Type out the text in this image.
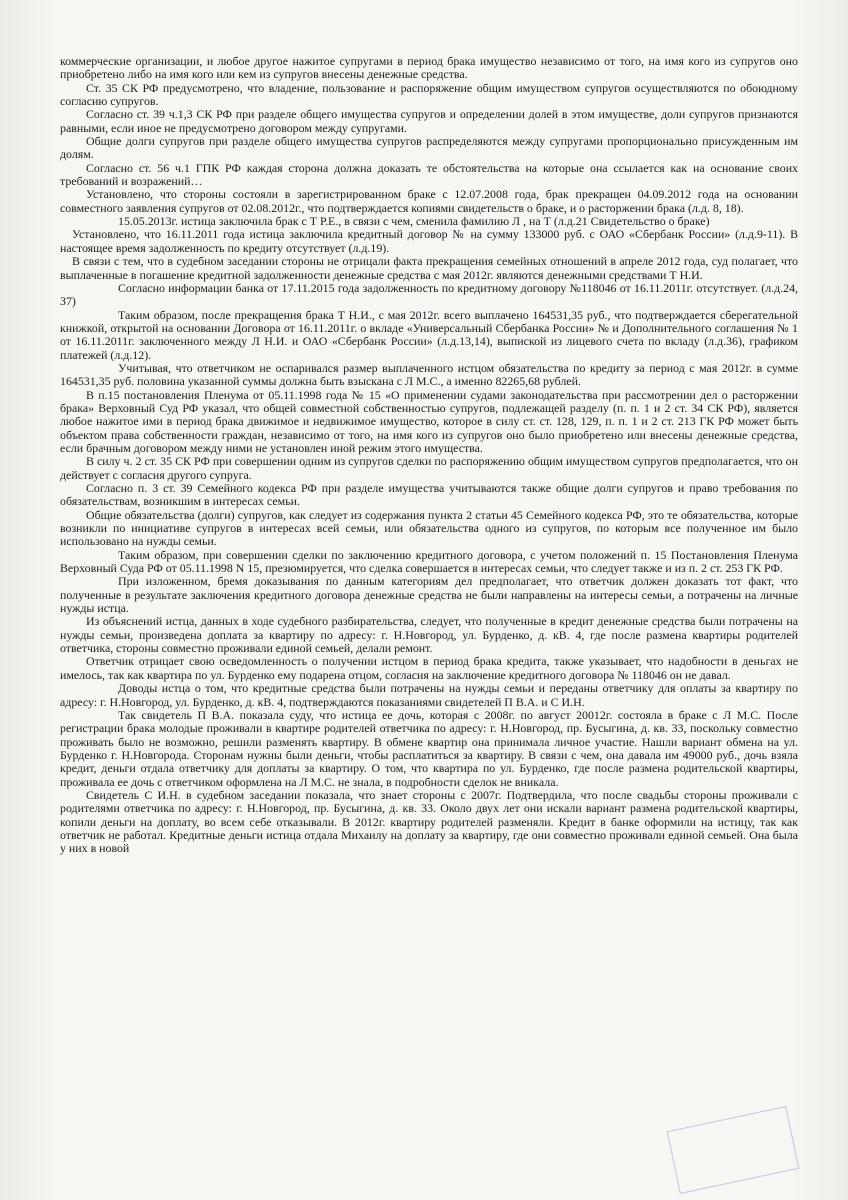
коммерческие организации, и любое другое нажитое супругами в период брака имущество независимо от того, на имя кого из супругов оно приобретено либо на имя кого или кем из супругов внесены денежные средства.

Ст. 35 СК РФ предусмотрено, что владение, пользование и распоряжение общим имуществом супругов осуществляются по обоюдному согласию супругов.

Согласно ст. 39 ч.1,3 СК РФ при разделе общего имущества супругов и определении долей в этом имуществе, доли супругов признаются равными, если иное не предусмотрено договором между супругами.

Общие долги супругов при разделе общего имущества супругов распределяются между супругами пропорционально присужденным им долям.

Согласно ст. 56 ч.1 ГПК РФ каждая сторона должна доказать те обстоятельства на которые она ссылается как на основание своих требований и возражений…

Установлено, что стороны состояли в зарегистрированном браке с 12.07.2008 года, брак прекращен 04.09.2012 года на основании совместного заявления супругов от 02.08.2012г., что подтверждается копиями свидетельств о браке, и о расторжении брака (л.д. 8, 18).

15.05.2013г. истица заключила брак с Т Р.Е., в связи с чем, сменила фамилию Л , на Т (л.д.21 Свидетельство о браке)

Установлено, что 16.11.2011 года истица заключила кредитный договор № на сумму 133000 руб. с ОАО «Сбербанк России» (л.д.9-11). В настоящее время задолженность по кредиту отсутствует (л.д.19).

В связи с тем, что в судебном заседании стороны не отрицали факта прекращения семейных отношений в апреле 2012 года, суд полагает, что выплаченные в погашение кредитной задолженности денежные средства с мая 2012г. являются денежными средствами Т Н.И.

Согласно информации банка от 17.11.2015 года задолженность по кредитному договору №118046 от 16.11.2011г. отсутствует. (л.д.24, 37)

Таким образом, после прекращения брака Т Н.И., с мая 2012г. всего выплачено 164531,35 руб., что подтверждается сберегательной книжкой, открытой на основании Договора от 16.11.2011г. о вкладе «Универсальный Сбербанка России» № и Дополнительного соглашения № 1 от 16.11.2011г. заключенного между Л Н.И. и ОАО «Сбербанк России» (л.д.13,14), выпиской из лицевого счета по вкладу (л.д.36), графиком платежей (л.д.12).

Учитывая, что ответчиком не оспаривался размер выплаченного истцом обязательства по кредиту за период с мая 2012г. в сумме 164531,35 руб. половина указанной суммы должна быть взыскана с Л М.С., а именно 82265,68 рублей.

В п.15 постановления Пленума от 05.11.1998 года № 15 «О применении судами законодательства при рассмотрении дел о расторжении брака» Верховный Суд РФ указал, что общей совместной собственностью супругов, подлежащей разделу (п. п. 1 и 2 ст. 34 СК РФ), является любое нажитое ими в период брака движимое и недвижимое имущество, которое в силу ст. ст. 128, 129, п. п. 1 и 2 ст. 213 ГК РФ может быть объектом права собственности граждан, независимо от того, на имя кого из супругов оно было приобретено или внесены денежные средства, если брачным договором между ними не установлен иной режим этого имущества.

В силу ч. 2 ст. 35 СК РФ при совершении одним из супругов сделки по распоряжению общим имуществом супругов предполагается, что он действует с согласия другого супруга.

Согласно п. 3 ст. 39 Семейного кодекса РФ при разделе имущества учитываются также общие долги супругов и право требования по обязательствам, возникшим в интересах семьи.

Общие обязательства (долги) супругов, как следует из содержания пункта 2 статьи 45 Семейного кодекса РФ, это те обязательства, которые возникли по инициативе супругов в интересах всей семьи, или обязательства одного из супругов, по которым все полученное им было использовано на нужды семьи.

Таким образом, при совершении сделки по заключению кредитного договора, с учетом положений п. 15 Постановления Пленума Верховный Суда РФ от 05.11.1998 N 15, презюмируется, что сделка совершается в интересах семьи, что следует также и из п. 2 ст. 253 ГК РФ.

При изложенном, бремя доказывания по данным категориям дел предполагает, что ответчик должен доказать тот факт, что полученные в результате заключения кредитного договора денежные средства не были направлены на интересы семьи, а потрачены на личные нужды истца.

Из объяснений истца, данных в ходе судебного разбирательства, следует, что полученные в кредит денежные средства были потрачены на нужды семьи, произведена доплата за квартиру по адресу: г. Н.Новгород, ул. Бурденко, д. кВ. 4, где после размена квартиры родителей ответчика, стороны совместно проживали единой семьей, делали ремонт.

Ответчик отрицает свою осведомленность о получении истцом в период брака кредита, также указывает, что надобности в деньгах не имелось, так как квартира по ул. Бурденко ему подарена отцом, согласия на заключение кредитного договора № 118046 он не давал.

Доводы истца о том, что кредитные средства были потрачены на нужды семьи и переданы ответчику для оплаты за квартиру по адресу: г. Н.Новгород, ул. Бурденко, д. кВ. 4, подтверждаются показаниями свидетелей П В.А. и С И.Н.

Так свидетель П В.А. показала суду, что истица ее дочь, которая с 2008г. по август 20012г. состояла в браке с Л М.С. После регистрации брака молодые проживали в квартире родителей ответчика по адресу: г. Н.Новгород, пр. Бусыгина, д. кв. 33, поскольку совместно проживать было не возможно, решили разменять квартиру. В обмене квартир она принимала личное участие. Нашли вариант обмена на ул. Бурденко г. Н.Новгорода. Сторонам нужны были деньги, чтобы расплатиться за квартиру. В связи с чем, она давала им 49000 руб., дочь взяла кредит, деньги отдала ответчику для доплаты за квартиру. О том, что квартира по ул. Бурденко, где после размена родительской квартиры, проживала ее дочь с ответчиком оформлена на Л М.С. не знала, в подробности сделок не вникала.

Свидетель С И.Н. в судебном заседании показала, что знает стороны с 2007г. Подтвердила, что после свадьбы стороны проживали с родителями ответчика по адресу: г. Н.Новгород, пр. Бусыгина, д. кв. 33. Около двух лет они искали вариант размена родительской квартиры, копили деньги на доплату, во всем себе отказывали. В 2012г. квартиру родителей разменяли. Кредит в банке оформили на истицу, так как ответчик не работал. Кредитные деньги истица отдала Михаилу на доплату за квартиру, где они совместно проживали единой семьей. Она была у них в новой
